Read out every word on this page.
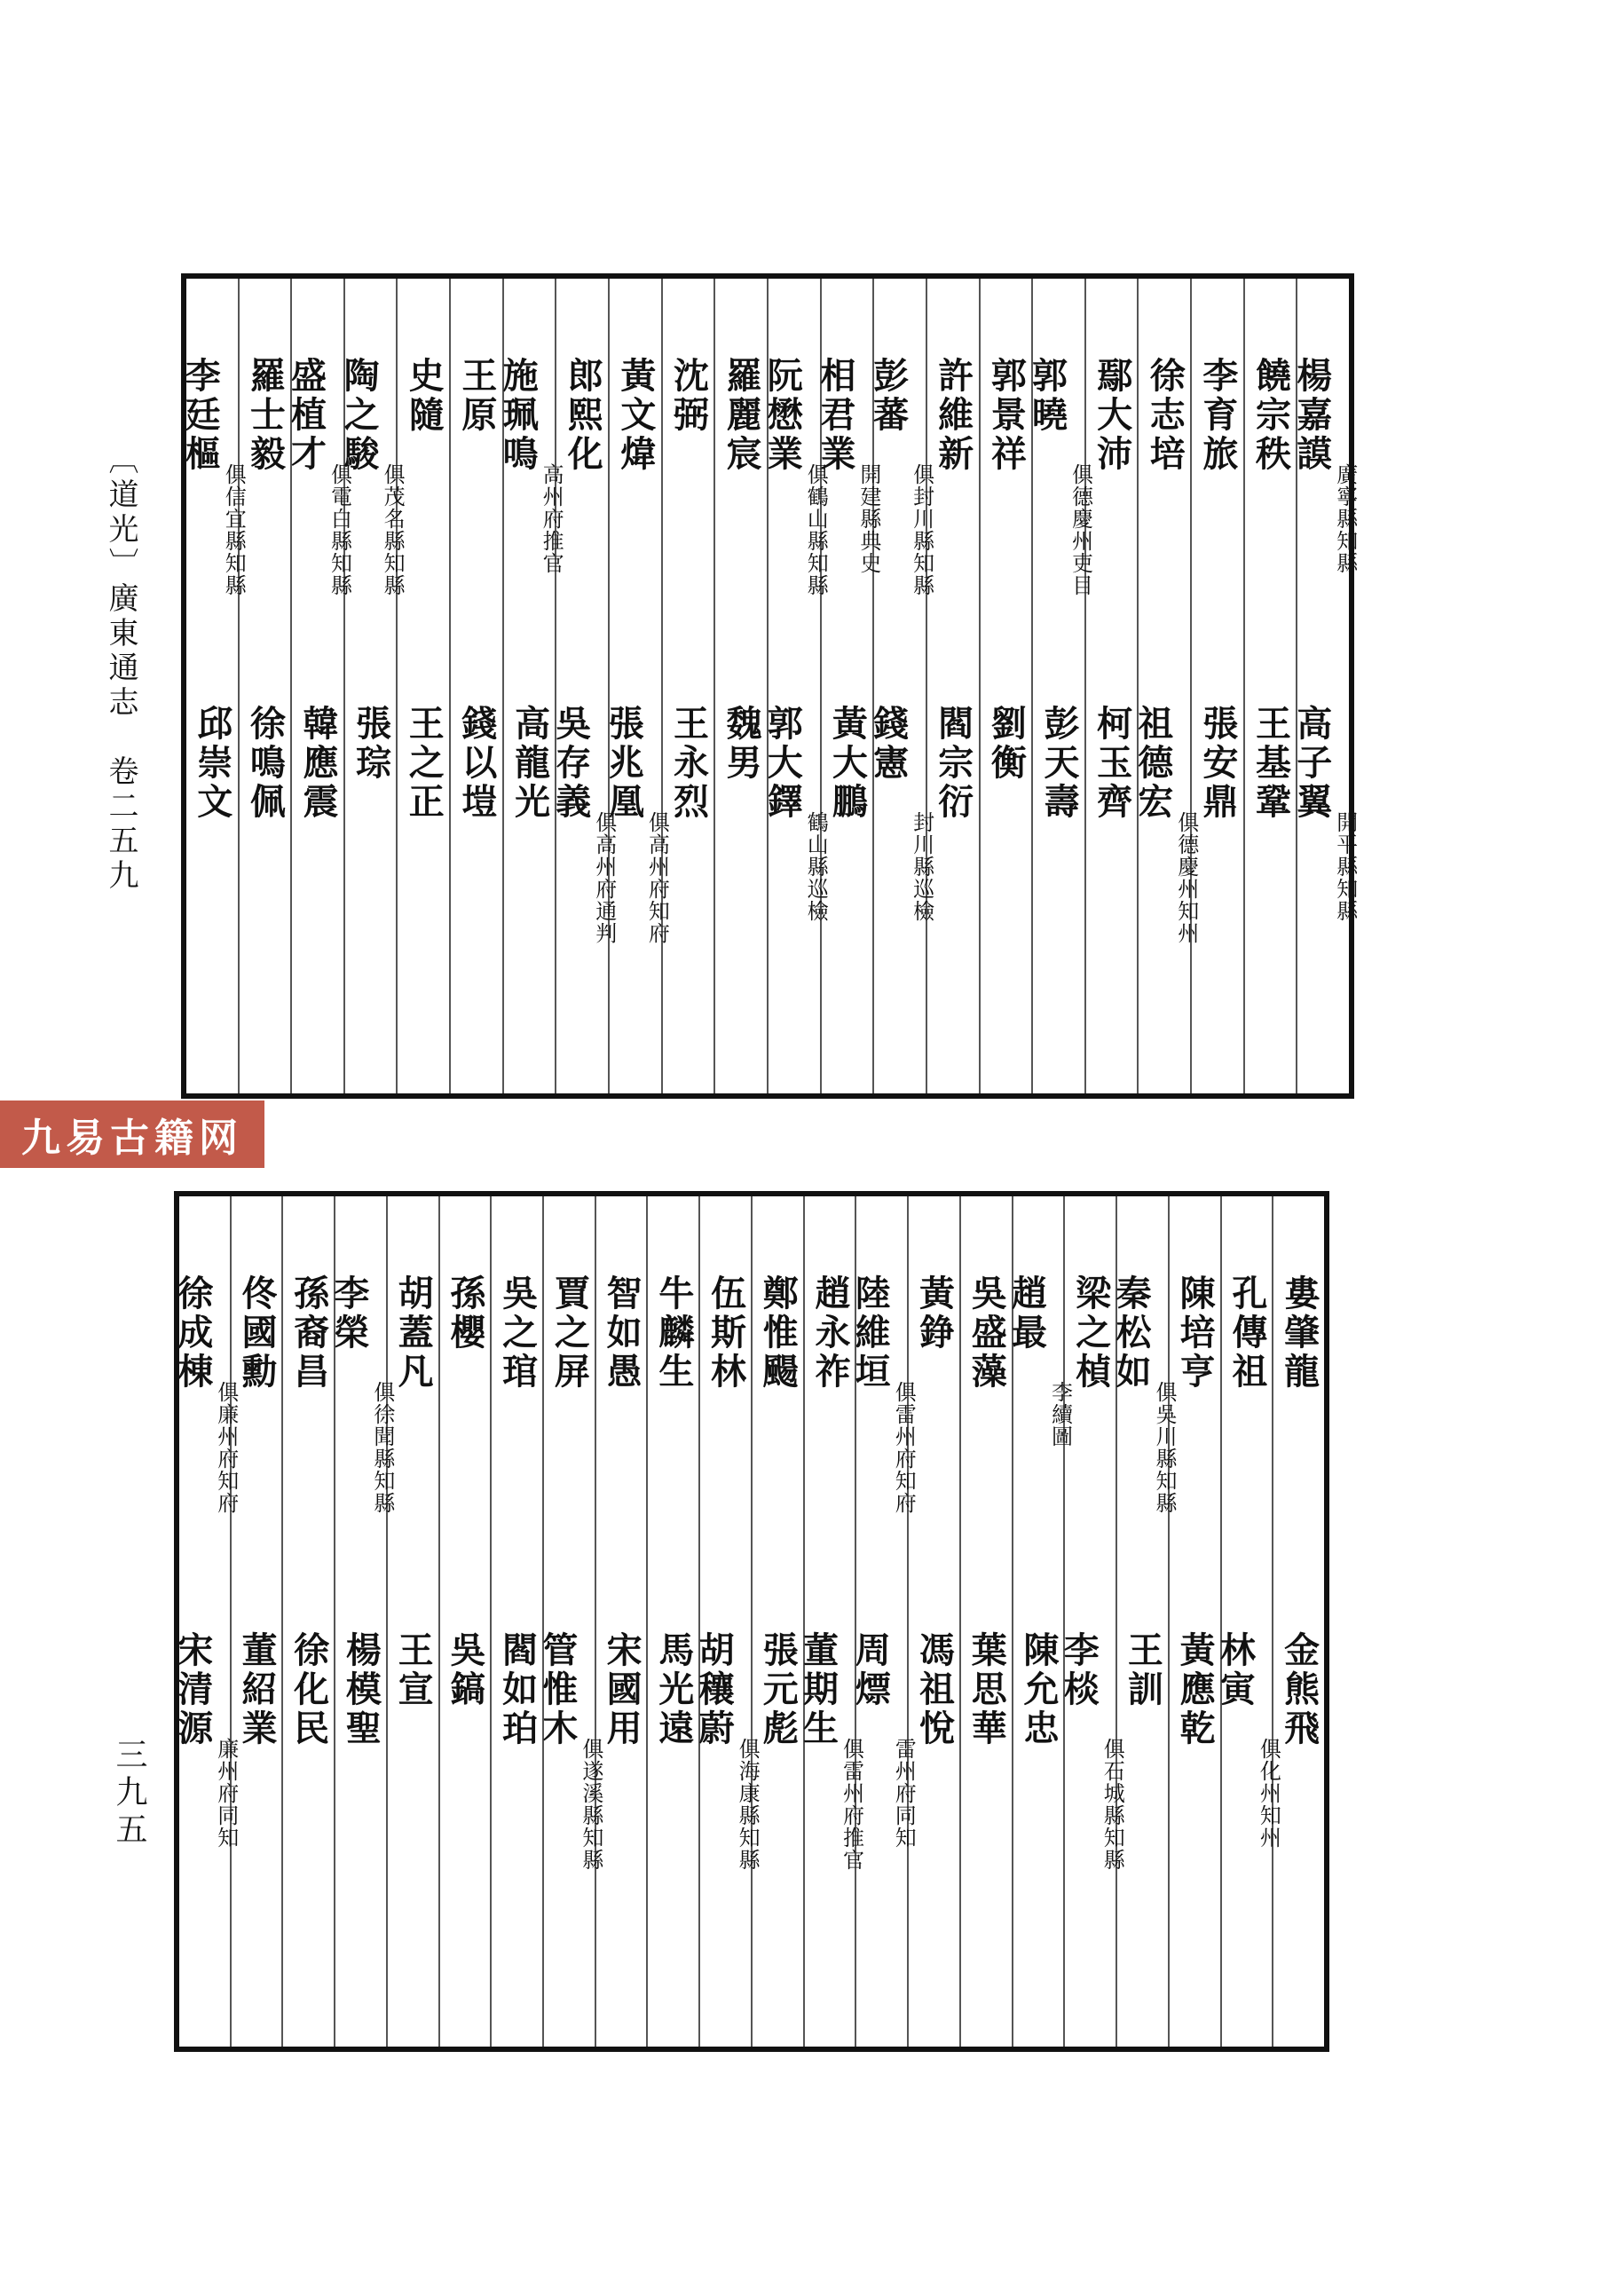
〔道光〕廣東通志　卷二五九
三九五
九易古籍网
楊嘉謨
廣寧縣知縣
高子翼
開平縣知縣
饒宗秩
王基鞏
李育旅
張安鼎
徐志培
祖德宏
俱德慶州知州
鄢大沛
柯玉齊
郭曉
俱德慶州吏目
彭天壽
郭景祥
劉衡
許維新
閻宗衍
彭蕃
俱封川縣知縣
錢憲
封川縣巡檢
相君業
開建縣典史
黃大鵬
阮懋業
俱鶴山縣知縣
郭大鐸
鶴山縣巡檢
羅麗宸
魏男
沈弼
王永烈
黃文煒
張兆凰
俱高州府知府
郎熙化
吳存義
俱高州府通判
施珮鳴
高州府推官
高龍光
王原
錢以塏
史隨
王之正
陶之駿
俱茂名縣知縣
張琮
盛植才
俱電白縣知縣
韓應震
羅士毅
徐鳴佩
李廷樞
俱信宜縣知縣
邱崇文
婁肇龍
金熊飛
孔傳祖
林寅
俱化州知州
陳培亨
黃應乾
秦松如
俱吳川縣知縣
王訓
梁之楨
李棪
俱石城縣知縣
趙最
李續圖
陳允忠
吳盛藻
葉思華
黃錚
馮祖悅
陸維垣
俱雷州府知府
周熛
雷州府同知
趙永祚
董期生
俱雷州府推官
鄭惟颺
張元彪
伍斯林
胡穰蔚
俱海康縣知縣
牛麟生
馬光遠
智如愚
宋國用
賈之屏
管惟木
俱遂溪縣知縣
吳之琯
閻如珀
孫櫻
吳鎬
胡蓋凡
王宣
李榮
俱徐聞縣知縣
楊模聖
孫裔昌
徐化民
佟國勳
董紹業
徐成棟
俱廉州府知府
宋清源
廉州府同知
